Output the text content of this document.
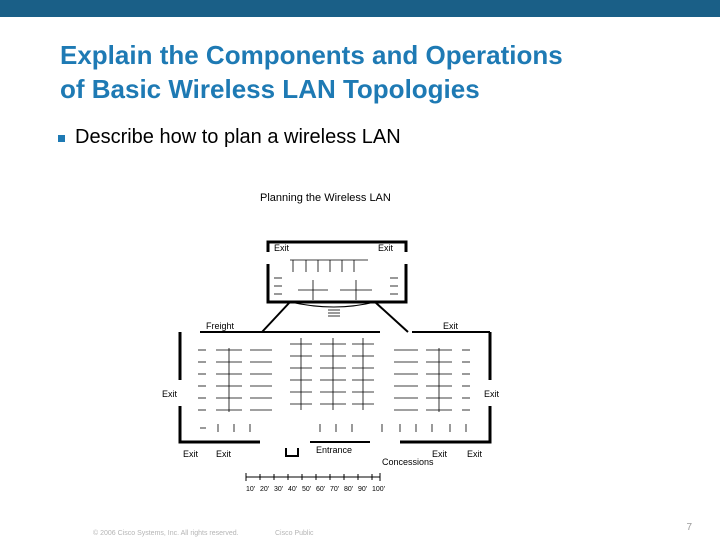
Explain the Components and Operations
of Basic Wireless LAN Topologies
Describe how to plan a wireless LAN
Planning the Wireless LAN
Exit	Exit
Freight	Exit
Exit	Exit
Entrance
Concessions
Exit Exit	Exit Exit
10' 20' 30' 40' 50' 60' 70' 80' 90' 100'
© 2006 Cisco Systems, Inc. All rights reserved.	Cisco Public
7
